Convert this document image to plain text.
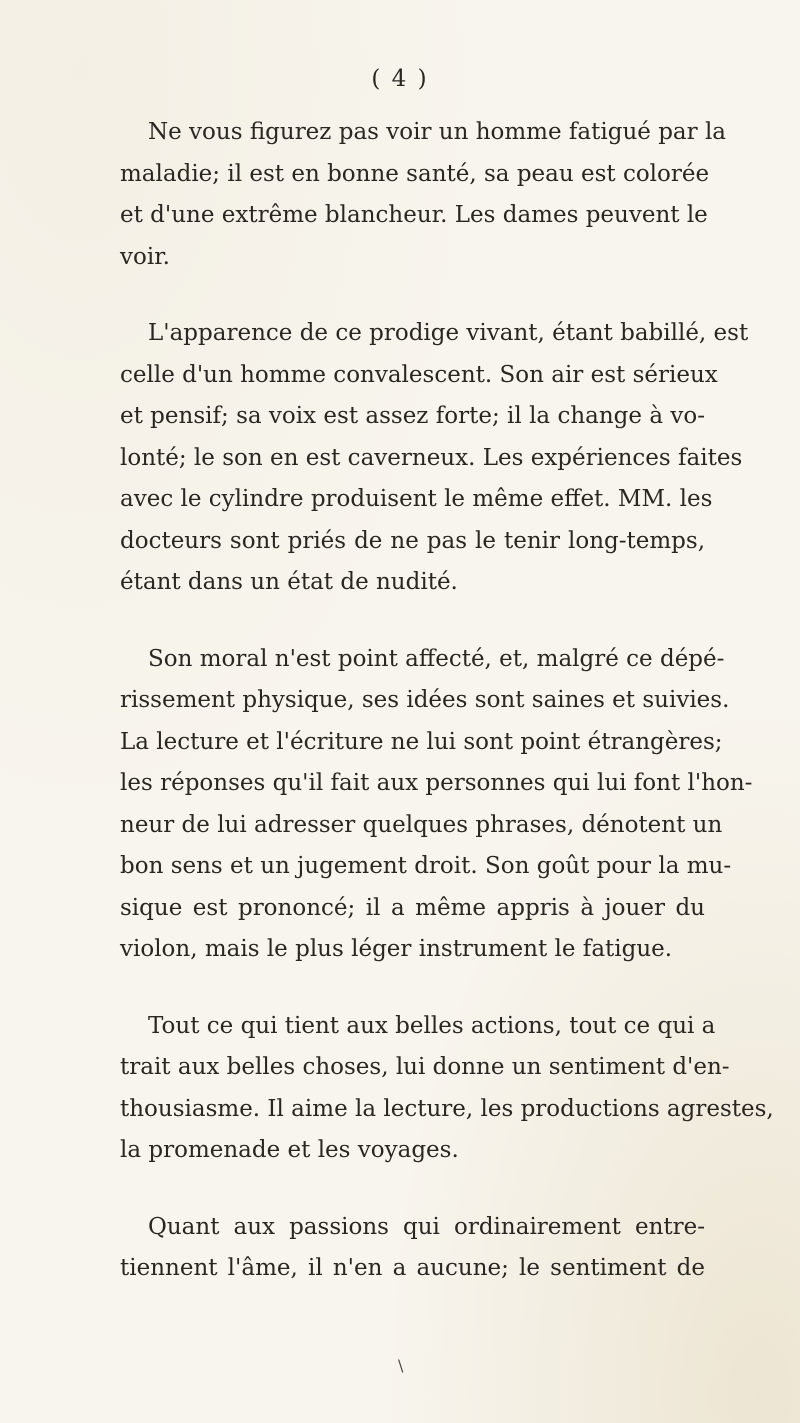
( 4 )

Ne vous figurez pas voir un homme fatigué par la
maladie; il est en bonne santé, sa peau est colorée
et d'une extrême blancheur. Les dames peuvent le
voir.

L'apparence de ce prodige vivant, étant babillé, est
celle d'un homme convalescent. Son air est sérieux
et pensif; sa voix est assez forte; il la change à vo-
lonté; le son en est caverneux. Les expériences faites
avec le cylindre produisent le même effet. MM. les
docteurs sont priés de ne pas le tenir long-temps,
étant dans un état de nudité.

Son moral n'est point affecté, et, malgré ce dépé-
rissement physique, ses idées sont saines et suivies.
La lecture et l'écriture ne lui sont point étrangères;
les réponses qu'il fait aux personnes qui lui font l'hon-
neur de lui adresser quelques phrases, dénotent un
bon sens et un jugement droit. Son goût pour la mu-
sique est prononcé; il a même appris à jouer du
violon, mais le plus léger instrument le fatigue.

Tout ce qui tient aux belles actions, tout ce qui a
trait aux belles choses, lui donne un sentiment d'en-
thousiasme. Il aime la lecture, les productions agrestes,
la promenade et les voyages.

Quant aux passions qui ordinairement entre-
tiennent l'âme, il n'en a aucune; le sentiment de

\
